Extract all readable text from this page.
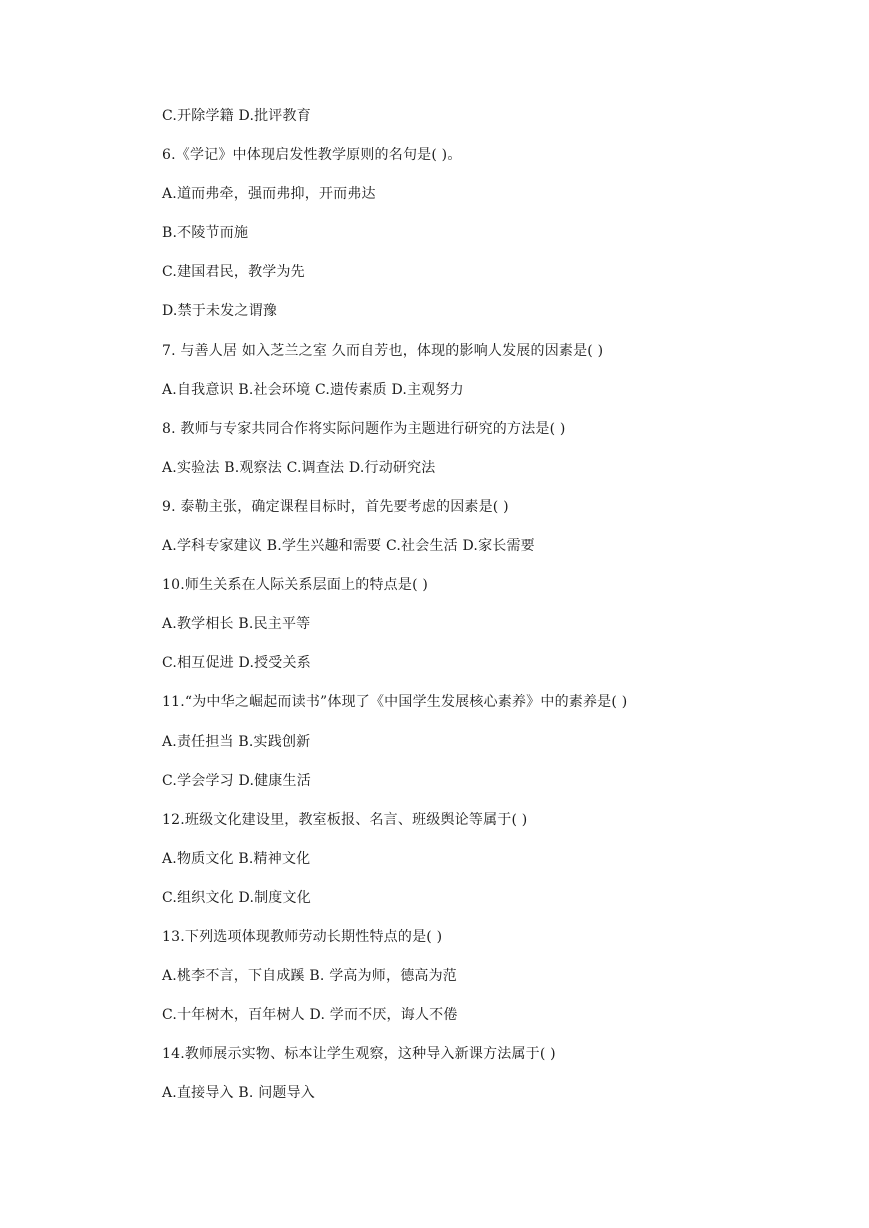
C.开除学籍 D.批评教育
6.《学记》中体现启发性教学原则的名句是( )。
A.道而弗牵，强而弗抑，开而弗达
B.不陵节而施
C.建国君民，教学为先
D.禁于未发之谓豫
7. 与善人居 如入芝兰之室 久而自芳也，体现的影响人发展的因素是( )
A.自我意识 B.社会环境 C.遗传素质 D.主观努力
8. 教师与专家共同合作将实际问题作为主题进行研究的方法是( )
A.实验法 B.观察法 C.调查法 D.行动研究法
9. 泰勒主张，确定课程目标时，首先要考虑的因素是( )
A.学科专家建议 B.学生兴趣和需要 C.社会生活 D.家长需要
10.师生关系在人际关系层面上的特点是( )
A.教学相长 B.民主平等
C.相互促进 D.授受关系
11.“为中华之崛起而读书”体现了《中国学生发展核心素养》中的素养是( )
A.责任担当 B.实践创新
C.学会学习 D.健康生活
12.班级文化建设里，教室板报、名言、班级舆论等属于( )
A.物质文化 B.精神文化
C.组织文化 D.制度文化
13.下列选项体现教师劳动长期性特点的是( )
A.桃李不言，下自成蹊 B. 学高为师，德高为范
C.十年树木，百年树人 D. 学而不厌，诲人不倦
14.教师展示实物、标本让学生观察，这种导入新课方法属于( )
A.直接导入 B. 问题导入
